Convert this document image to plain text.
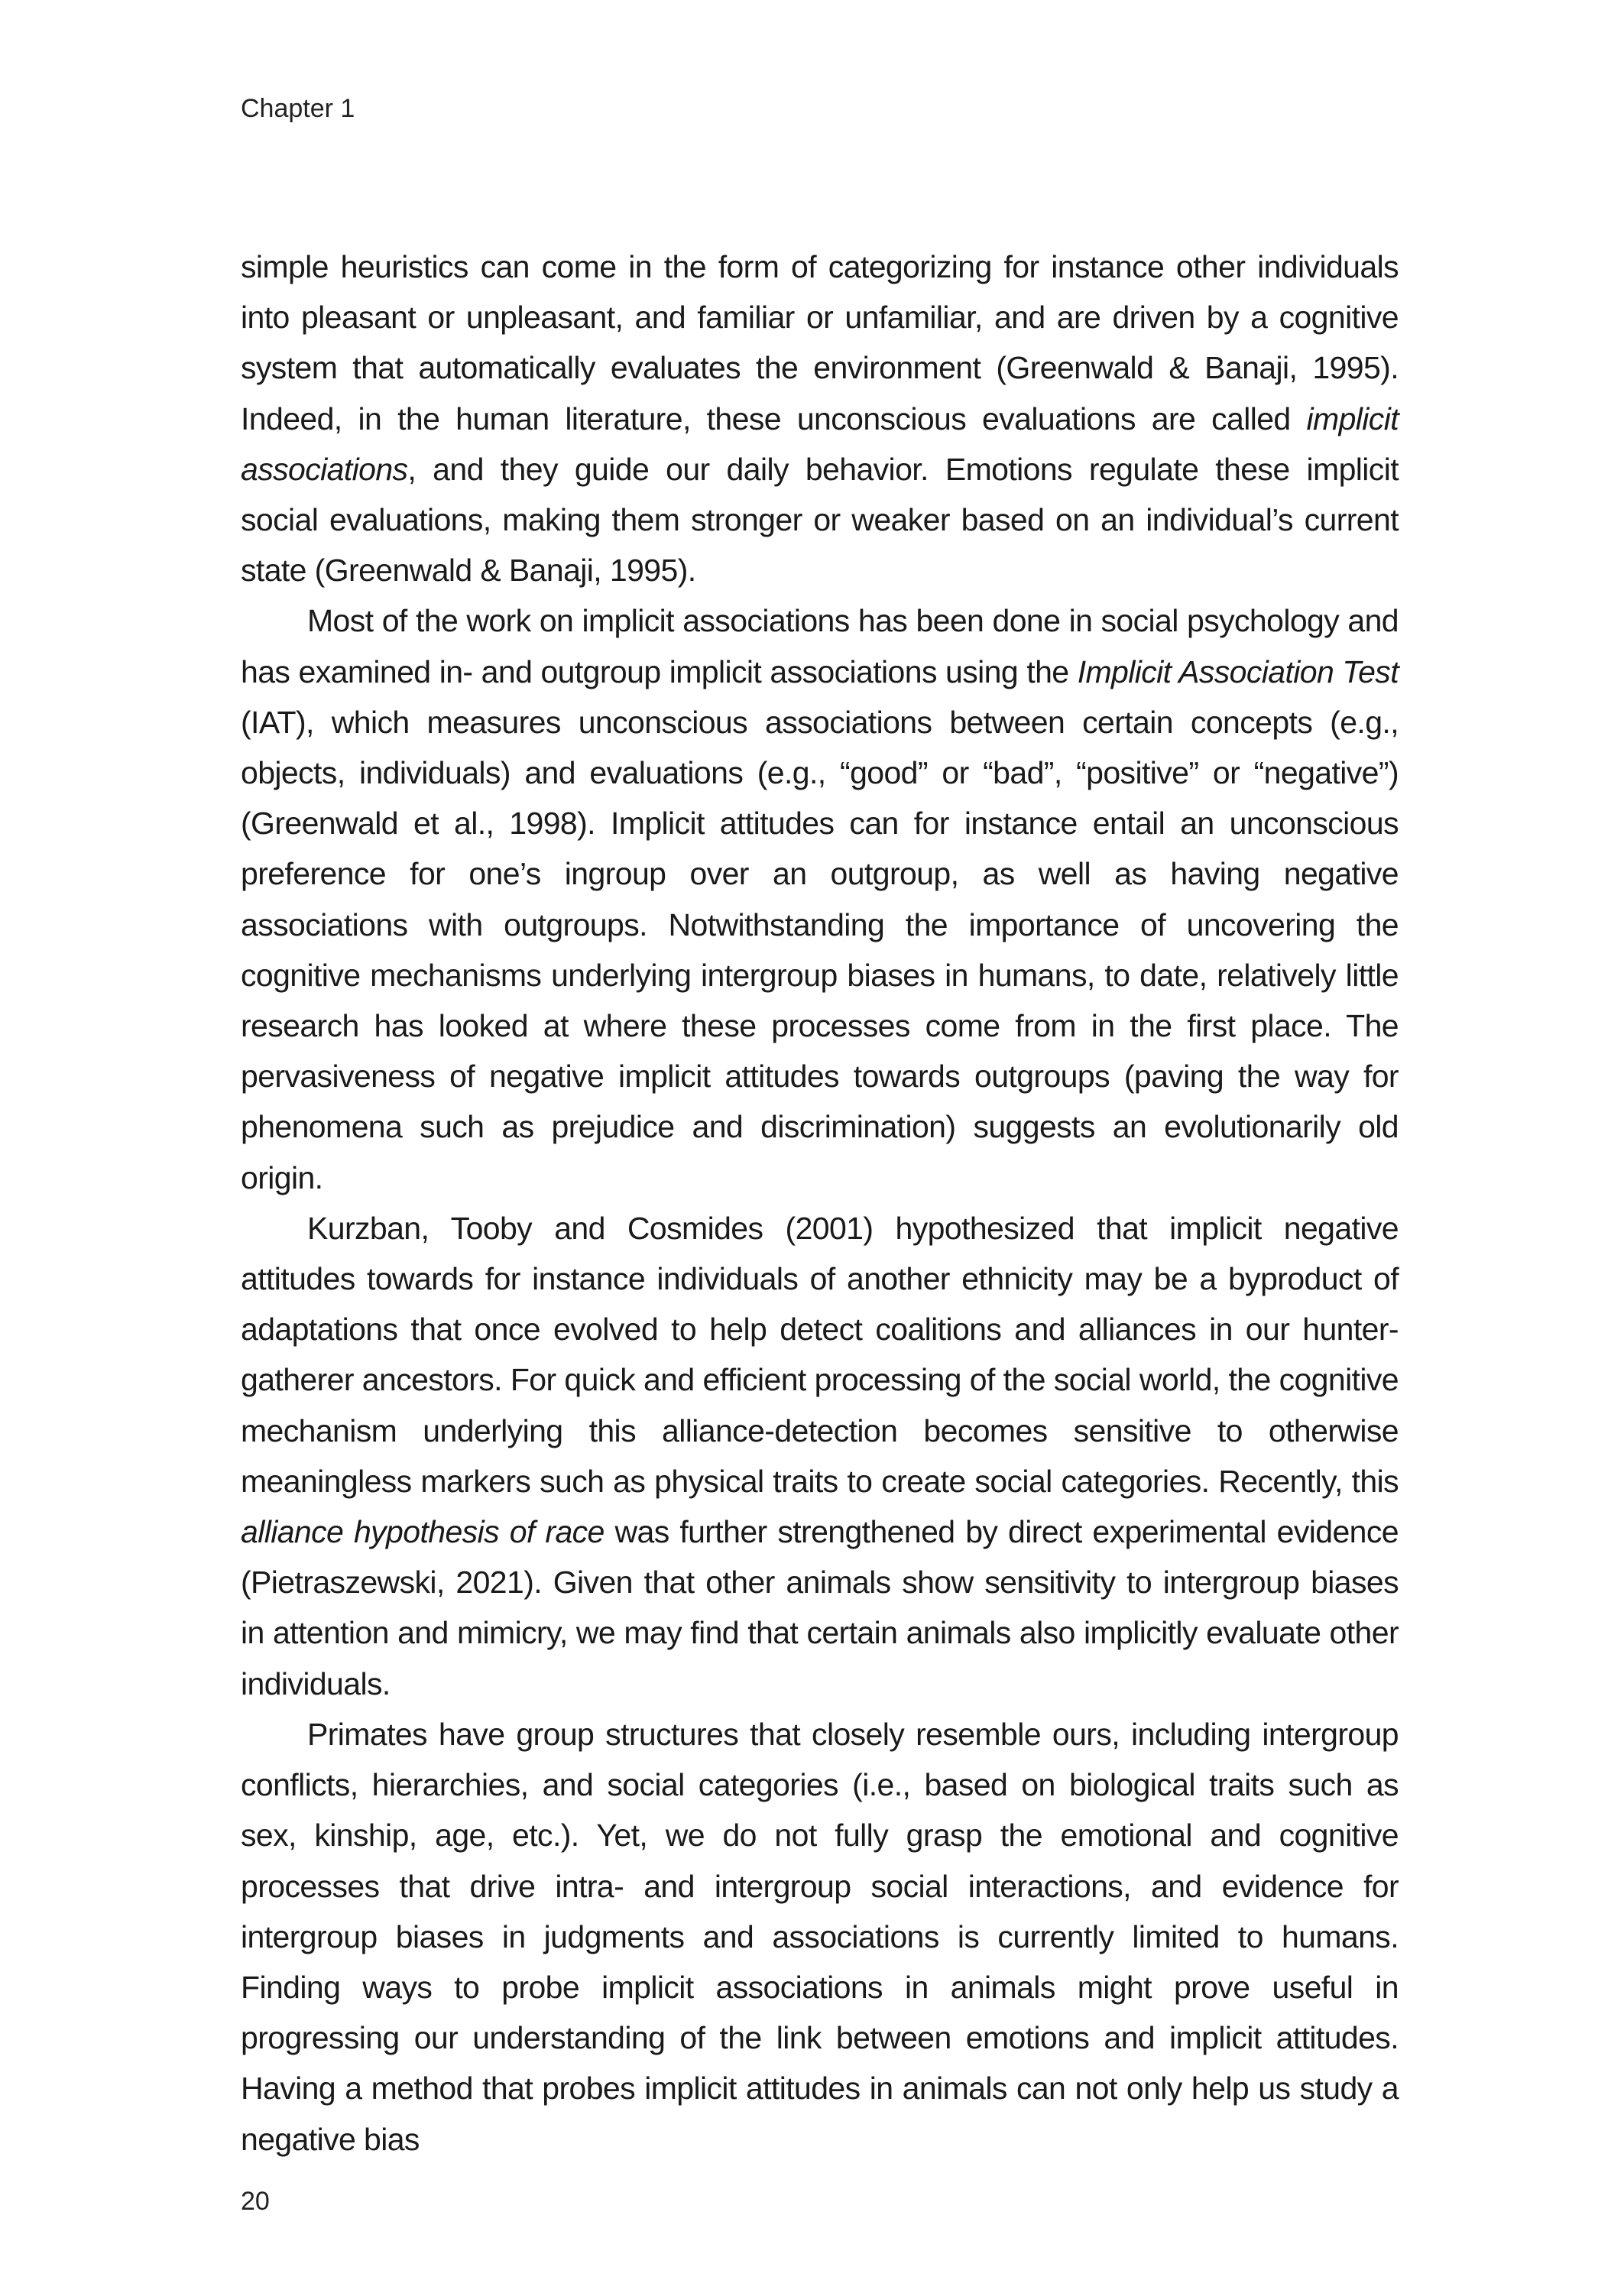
Chapter 1

simple heuristics can come in the form of categorizing for instance other individuals into pleasant or unpleasant, and familiar or unfamiliar, and are driven by a cognitive system that automatically evaluates the environment (Greenwald & Banaji, 1995). Indeed, in the human literature, these unconscious evaluations are called implicit associations, and they guide our daily behavior. Emotions regulate these implicit social evaluations, making them stronger or weaker based on an individual’s current state (Greenwald & Banaji, 1995).

Most of the work on implicit associations has been done in social psychology and has examined in- and outgroup implicit associations using the Implicit Association Test (IAT), which measures unconscious associations between certain concepts (e.g., objects, individuals) and evaluations (e.g., “good” or “bad”, “positive” or “negative”) (Greenwald et al., 1998). Implicit attitudes can for instance entail an unconscious preference for one’s ingroup over an outgroup, as well as having negative associations with outgroups. Notwithstanding the importance of uncovering the cognitive mechanisms underlying intergroup biases in humans, to date, relatively little research has looked at where these processes come from in the first place. The pervasiveness of negative implicit attitudes towards outgroups (paving the way for phenomena such as prejudice and discrimination) suggests an evolutionarily old origin.

Kurzban, Tooby and Cosmides (2001) hypothesized that implicit negative attitudes towards for instance individuals of another ethnicity may be a byproduct of adaptations that once evolved to help detect coalitions and alliances in our hunter-gatherer ancestors. For quick and efficient processing of the social world, the cognitive mechanism underlying this alliance-detection becomes sensitive to otherwise meaningless markers such as physical traits to create social categories. Recently, this alliance hypothesis of race was further strengthened by direct experimental evidence (Pietraszewski, 2021). Given that other animals show sensitivity to intergroup biases in attention and mimicry, we may find that certain animals also implicitly evaluate other individuals.

Primates have group structures that closely resemble ours, including intergroup conflicts, hierarchies, and social categories (i.e., based on biological traits such as sex, kinship, age, etc.). Yet, we do not fully grasp the emotional and cognitive processes that drive intra- and intergroup social interactions, and evidence for intergroup biases in judgments and associations is currently limited to humans. Finding ways to probe implicit associations in animals might prove useful in progressing our understanding of the link between emotions and implicit attitudes. Having a method that probes implicit attitudes in animals can not only help us study a negative bias

20
